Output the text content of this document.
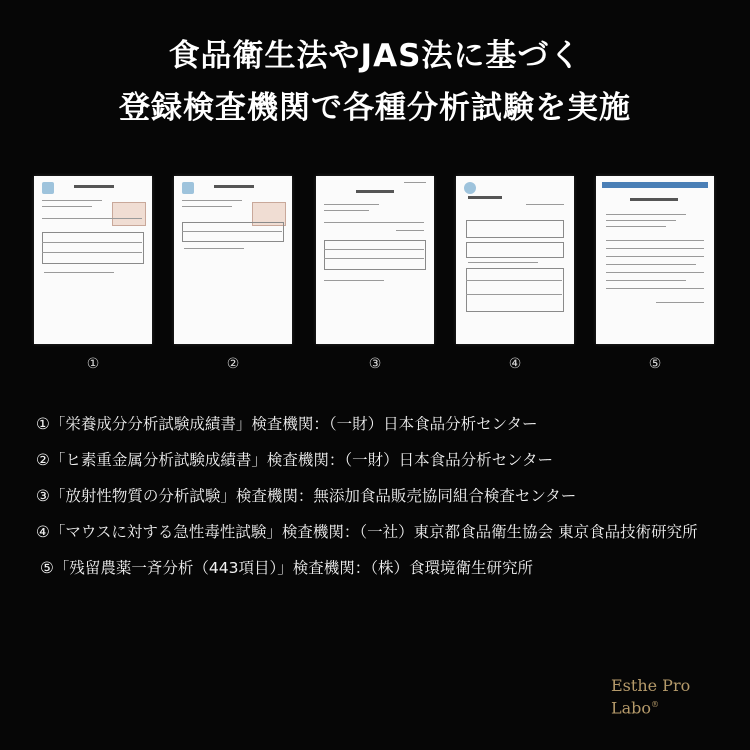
食品衛生法やJAS法に基づく
登録検査機関で各種分析試験を実施
①	②	③	④	⑤
①「栄養成分分析試験成績書」検査機関：（一財）日本食品分析センター
②「ヒ素重金属分析試験成績書」検査機関：（一財）日本食品分析センター
③「放射性物質の分析試験」検査機関：無添加食品販売協同組合検査センター
④「マウスに対する急性毒性試験」検査機関：（一社）東京都食品衛生協会 東京食品技術研究所
⑤「残留農薬一斉分析（443項目）」検査機関：（株）食環境衛生研究所
Esthe Pro
Labo®
